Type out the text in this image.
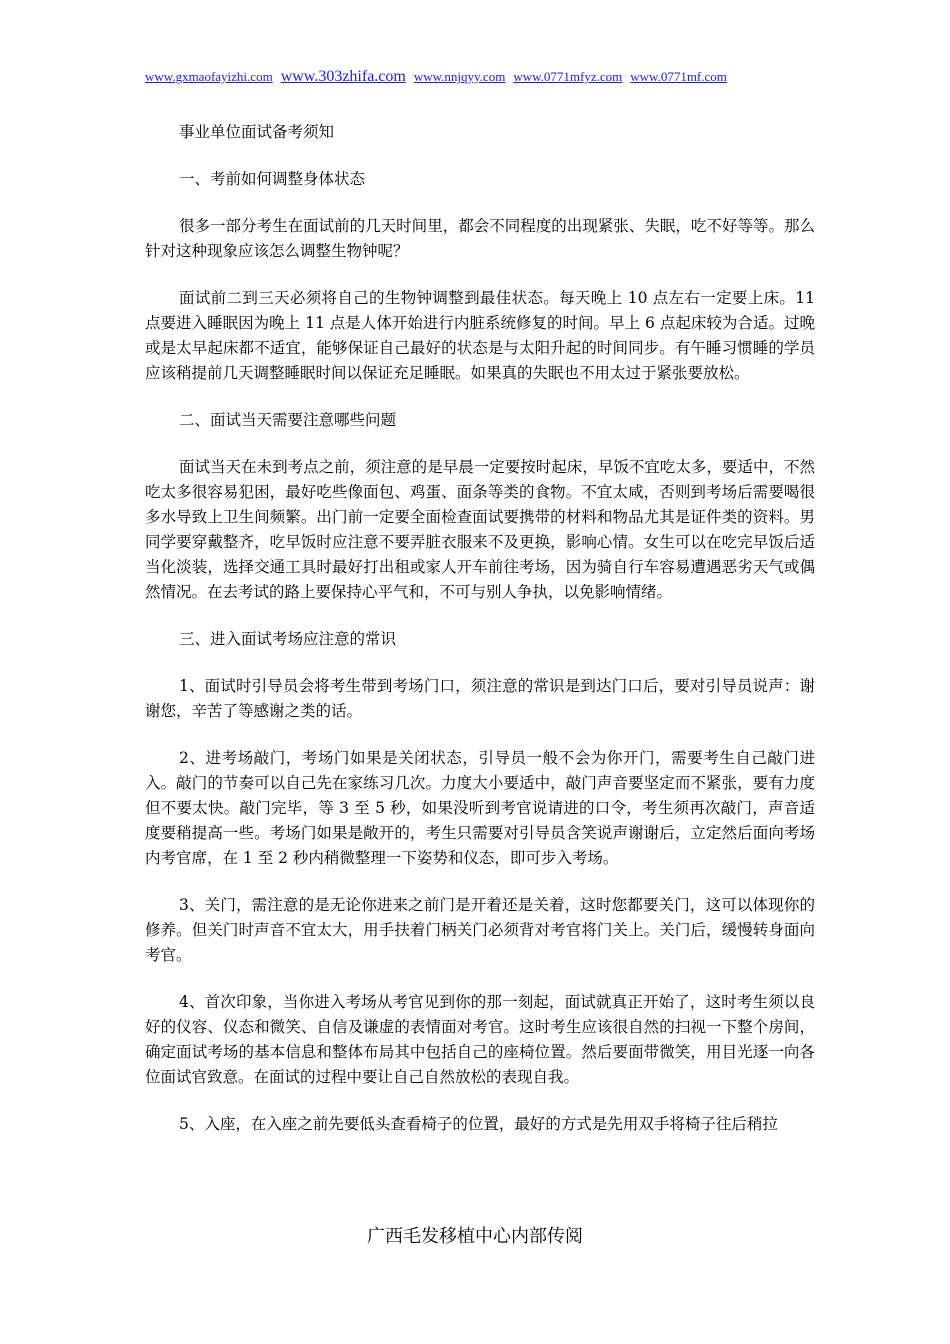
www.gxmaofayizhi.com www.303zhifa.com www.nnjqyy.com www.0771mfyz.com www.0771mf.com

事业单位面试备考须知

一、考前如何调整身体状态

很多一部分考生在面试前的几天时间里，都会不同程度的出现紧张、失眠，吃不好等等。那么针对这种现象应该怎么调整生物钟呢？

面试前二到三天必须将自己的生物钟调整到最佳状态。每天晚上 10 点左右一定要上床。11 点要进入睡眠因为晚上 11 点是人体开始进行内脏系统修复的时间。早上 6 点起床较为合适。过晚或是太早起床都不适宜，能够保证自己最好的状态是与太阳升起的时间同步。有午睡习惯睡的学员应该稍提前几天调整睡眠时间以保证充足睡眠。如果真的失眠也不用太过于紧张要放松。

二、面试当天需要注意哪些问题

面试当天在未到考点之前，须注意的是早晨一定要按时起床，早饭不宜吃太多，要适中，不然吃太多很容易犯困，最好吃些像面包、鸡蛋、面条等类的食物。不宜太咸，否则到考场后需要喝很多水导致上卫生间频繁。出门前一定要全面检查面试要携带的材料和物品尤其是证件类的资料。男同学要穿戴整齐，吃早饭时应注意不要弄脏衣服来不及更换，影响心情。女生可以在吃完早饭后适当化淡装，选择交通工具时最好打出租或家人开车前往考场，因为骑自行车容易遭遇恶劣天气或偶然情况。在去考试的路上要保持心平气和，不可与别人争执，以免影响情绪。

三、进入面试考场应注意的常识

1、面试时引导员会将考生带到考场门口，须注意的常识是到达门口后，要对引导员说声：谢谢您，辛苦了等感谢之类的话。

2、进考场敲门，考场门如果是关闭状态，引导员一般不会为你开门，需要考生自己敲门进入。敲门的节奏可以自己先在家练习几次。力度大小要适中，敲门声音要坚定而不紧张，要有力度但不要太快。敲门完毕，等 3 至 5 秒，如果没听到考官说请进的口令，考生须再次敲门，声音适度要稍提高一些。考场门如果是敞开的，考生只需要对引导员含笑说声谢谢后，立定然后面向考场内考官席，在 1 至 2 秒内稍微整理一下姿势和仪态，即可步入考场。

3、关门，需注意的是无论你进来之前门是开着还是关着，这时您都要关门，这可以体现你的修养。但关门时声音不宜太大，用手扶着门柄关门必须背对考官将门关上。关门后，缓慢转身面向考官。

4、首次印象，当你进入考场从考官见到你的那一刻起，面试就真正开始了，这时考生须以良好的仪容、仪态和微笑、自信及谦虚的表情面对考官。这时考生应该很自然的扫视一下整个房间，确定面试考场的基本信息和整体布局其中包括自己的座椅位置。然后要面带微笑，用目光逐一向各位面试官致意。在面试的过程中要让自己自然放松的表现自我。

5、入座，在入座之前先要低头查看椅子的位置，最好的方式是先用双手将椅子往后稍拉

广西毛发移植中心内部传阅
